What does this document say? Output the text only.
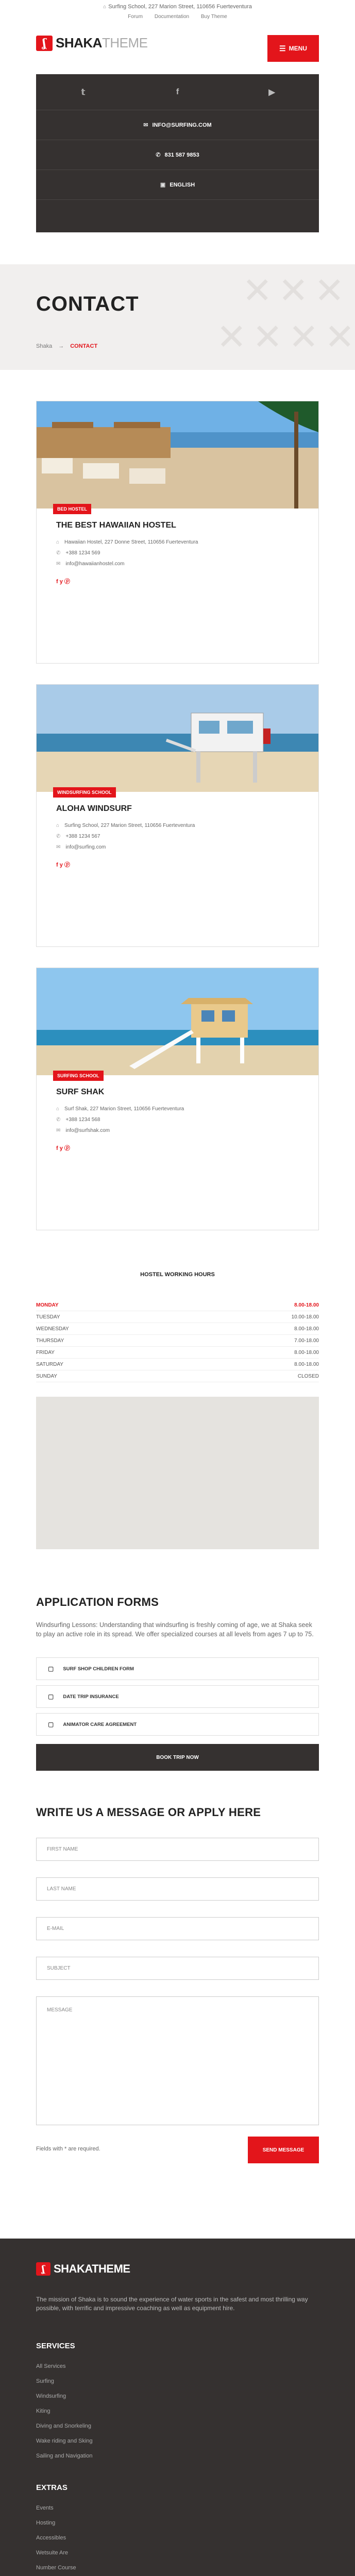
⌂ Surfing School, 227 Marion Street, 110656 Fuerteventura
Forum Documentation Buy Theme
ʆ SHAKA THEME	☰ MENU
𝕥	f	▶
✉ INFO@SURFING.COM
✆ 831 587 9853
▣ ENGLISH
✕ ✕ ✕
✕ ✕ ✕ ✕
CONTACT
Shaka → CONTACT
BED HOSTEL
THE BEST HAWAIIAN HOSTEL
⌂ Hawaiian Hostel, 227 Donne Street, 110656 Fuerteventura
✆ +388 1234 569
✉ info@hawaiianhostel.com
f y ⓟ
WINDSURFING SCHOOL
ALOHA WINDSURF
⌂ Surfing School, 227 Marion Street, 110656 Fuerteventura
✆ +388 1234 567
✉ info@surfing.com
f y ⓟ
SURFING SCHOOL
SURF SHAK
⌂ Surf Shak, 227 Marion Street, 110656 Fuerteventura
✆ +388 1234 568
✉ info@surfshak.com
f y ⓟ
HOSTEL WORKING HOURS
MONDAY	8.00-18.00
TUESDAY	10.00-18.00
WEDNESDAY	8.00-18.00
THURSDAY	7.00-18.00
FRIDAY	8.00-18.00
SATURDAY	8.00-18.00
SUNDAY	CLOSED
APPLICATION FORMS
Windsurfing Lessons: Understanding that windsurfing is freshly coming of age, we at Shaka seek to play an active role in its spread. We offer specialized courses at all levels from ages 7 up to 75.
▢ SURF SHOP CHILDREN FORM
▢ DATE TRIP INSURANCE
▢ ANIMATOR CARE AGREEMENT
BOOK TRIP NOW
WRITE US A MESSAGE OR APPLY HERE
FIRST NAME
LAST NAME
E-MAIL
SUBJECT
MESSAGE
Fields with * are required.	SEND MESSAGE
ʆ SHAKATHEME
The mission of Shaka is to sound the experience of water sports in the safest and most thrilling way possible, with terrific and impressive coaching as well as equipment hire.
SERVICES
All Services
Surfing
Windsurfing
Kiting
Diving and Snorkeling
Wake riding and Sking
Sailing and Navigation
EXTRAS
Events
Hosting
Accessibles
Wetsuite Are
Number Course
